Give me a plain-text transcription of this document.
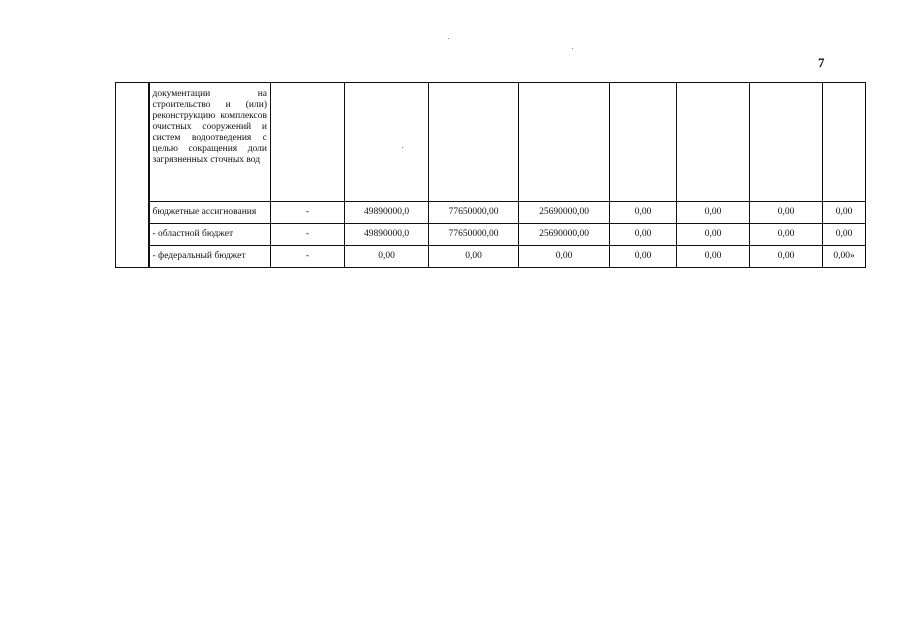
7
	документации на строительство и (или) реконструкцию комплексов очистных сооружений и систем водоотведения с целью сокращения доли загрязненных сточных вод								
	бюджетные ассигнования	-	49890000,0	77650000,00	25690000,00	0,00	0,00	0,00	0,00
	- областной бюджет	-	49890000,0	77650000,00	25690000,00	0,00	0,00	0,00	0,00
	- федеральный бюджет	-	0,00	0,00	0,00	0,00	0,00	0,00	0,00»
